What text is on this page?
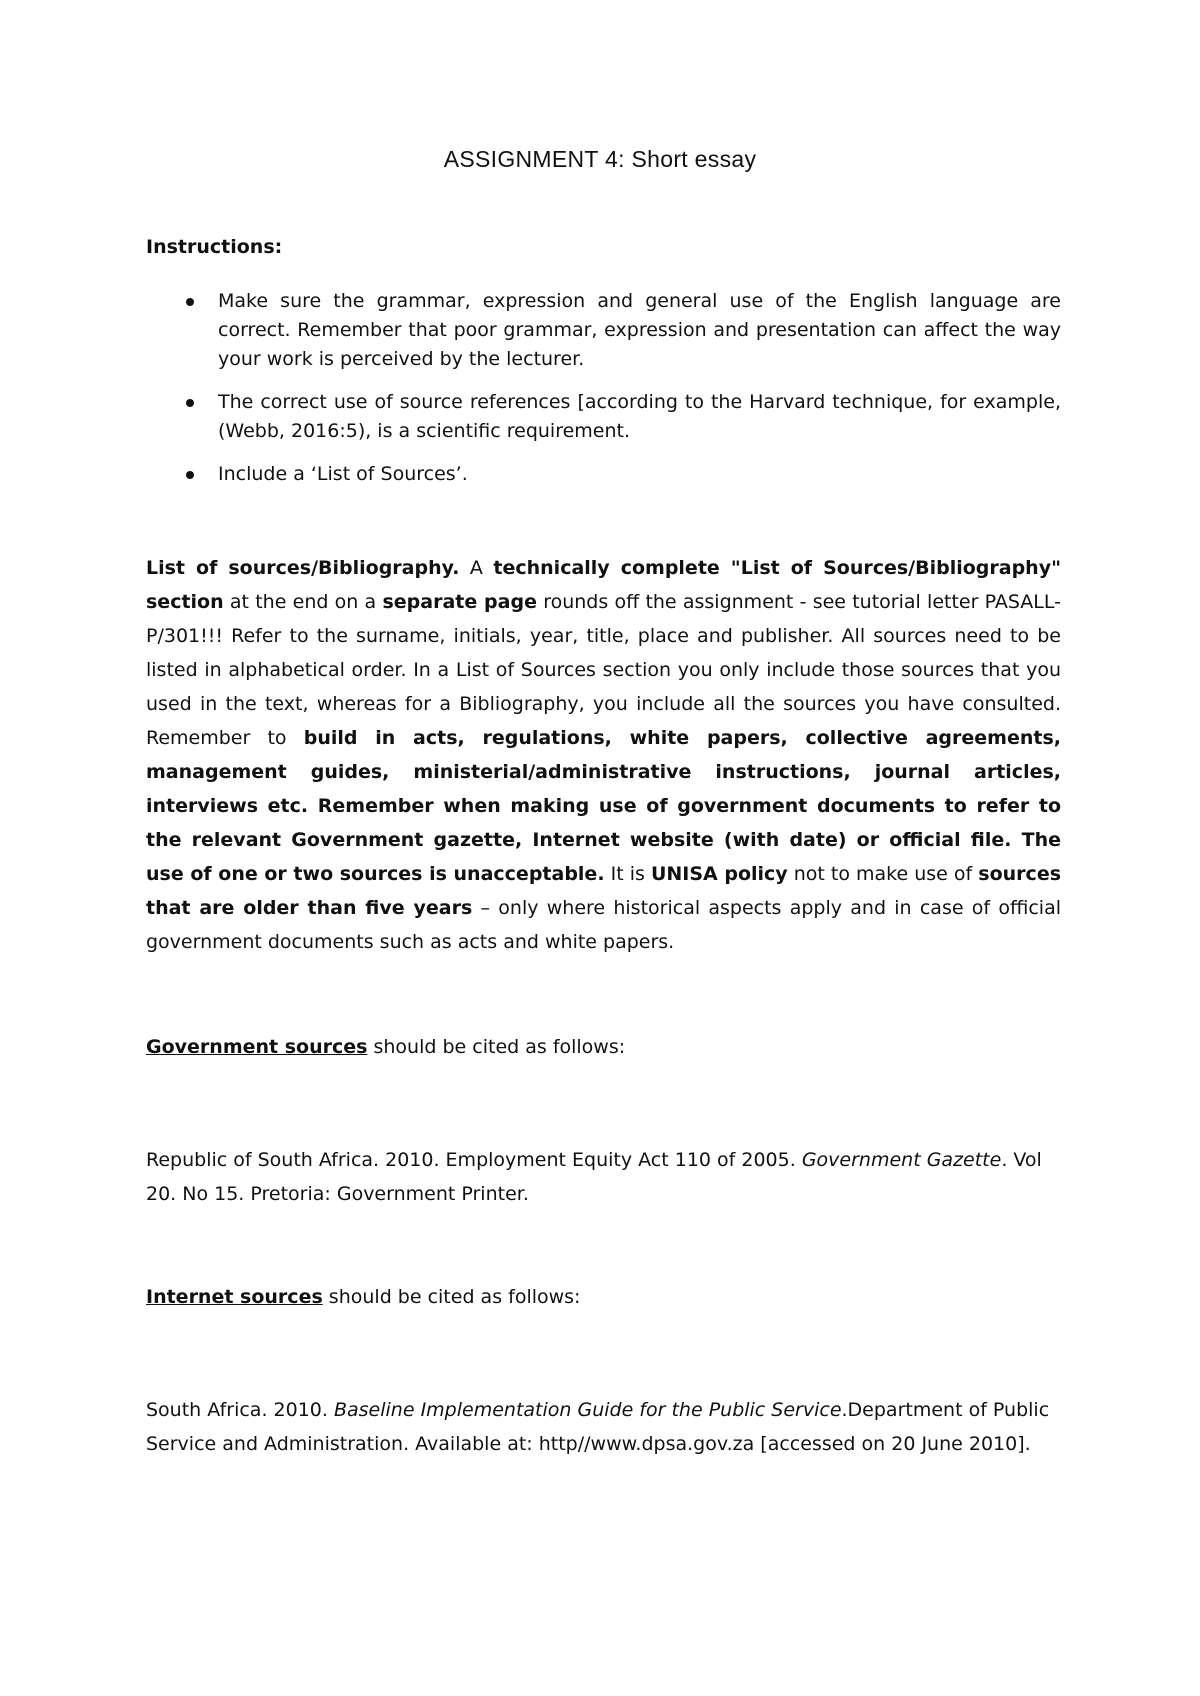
ASSIGNMENT 4: Short essay
Instructions:
Make sure the grammar, expression and general use of the English language are correct. Remember that poor grammar, expression and presentation can affect the way your work is perceived by the lecturer.
The correct use of source references [according to the Harvard technique, for example, (Webb, 2016:5), is a scientific requirement.
Include a ‘List of Sources’.
List of sources/Bibliography. A technically complete "List of Sources/Bibliography" section at the end on a separate page rounds off the assignment - see tutorial letter PASALL-P/301!!! Refer to the surname, initials, year, title, place and publisher. All sources need to be listed in alphabetical order. In a List of Sources section you only include those sources that you used in the text, whereas for a Bibliography, you include all the sources you have consulted. Remember to build in acts, regulations, white papers, collective agreements, management guides, ministerial/administrative instructions, journal articles, interviews etc. Remember when making use of government documents to refer to the relevant Government gazette, Internet website (with date) or official file. The use of one or two sources is unacceptable. It is UNISA policy not to make use of sources that are older than five years – only where historical aspects apply and in case of official government documents such as acts and white papers.
Government sources should be cited as follows:
Republic of South Africa. 2010. Employment Equity Act 110 of 2005. Government Gazette. Vol 20. No 15. Pretoria: Government Printer.
Internet sources should be cited as follows:
South Africa. 2010. Baseline Implementation Guide for the Public Service.Department of Public Service and Administration. Available at: http//www.dpsa.gov.za [accessed on 20 June 2010].
